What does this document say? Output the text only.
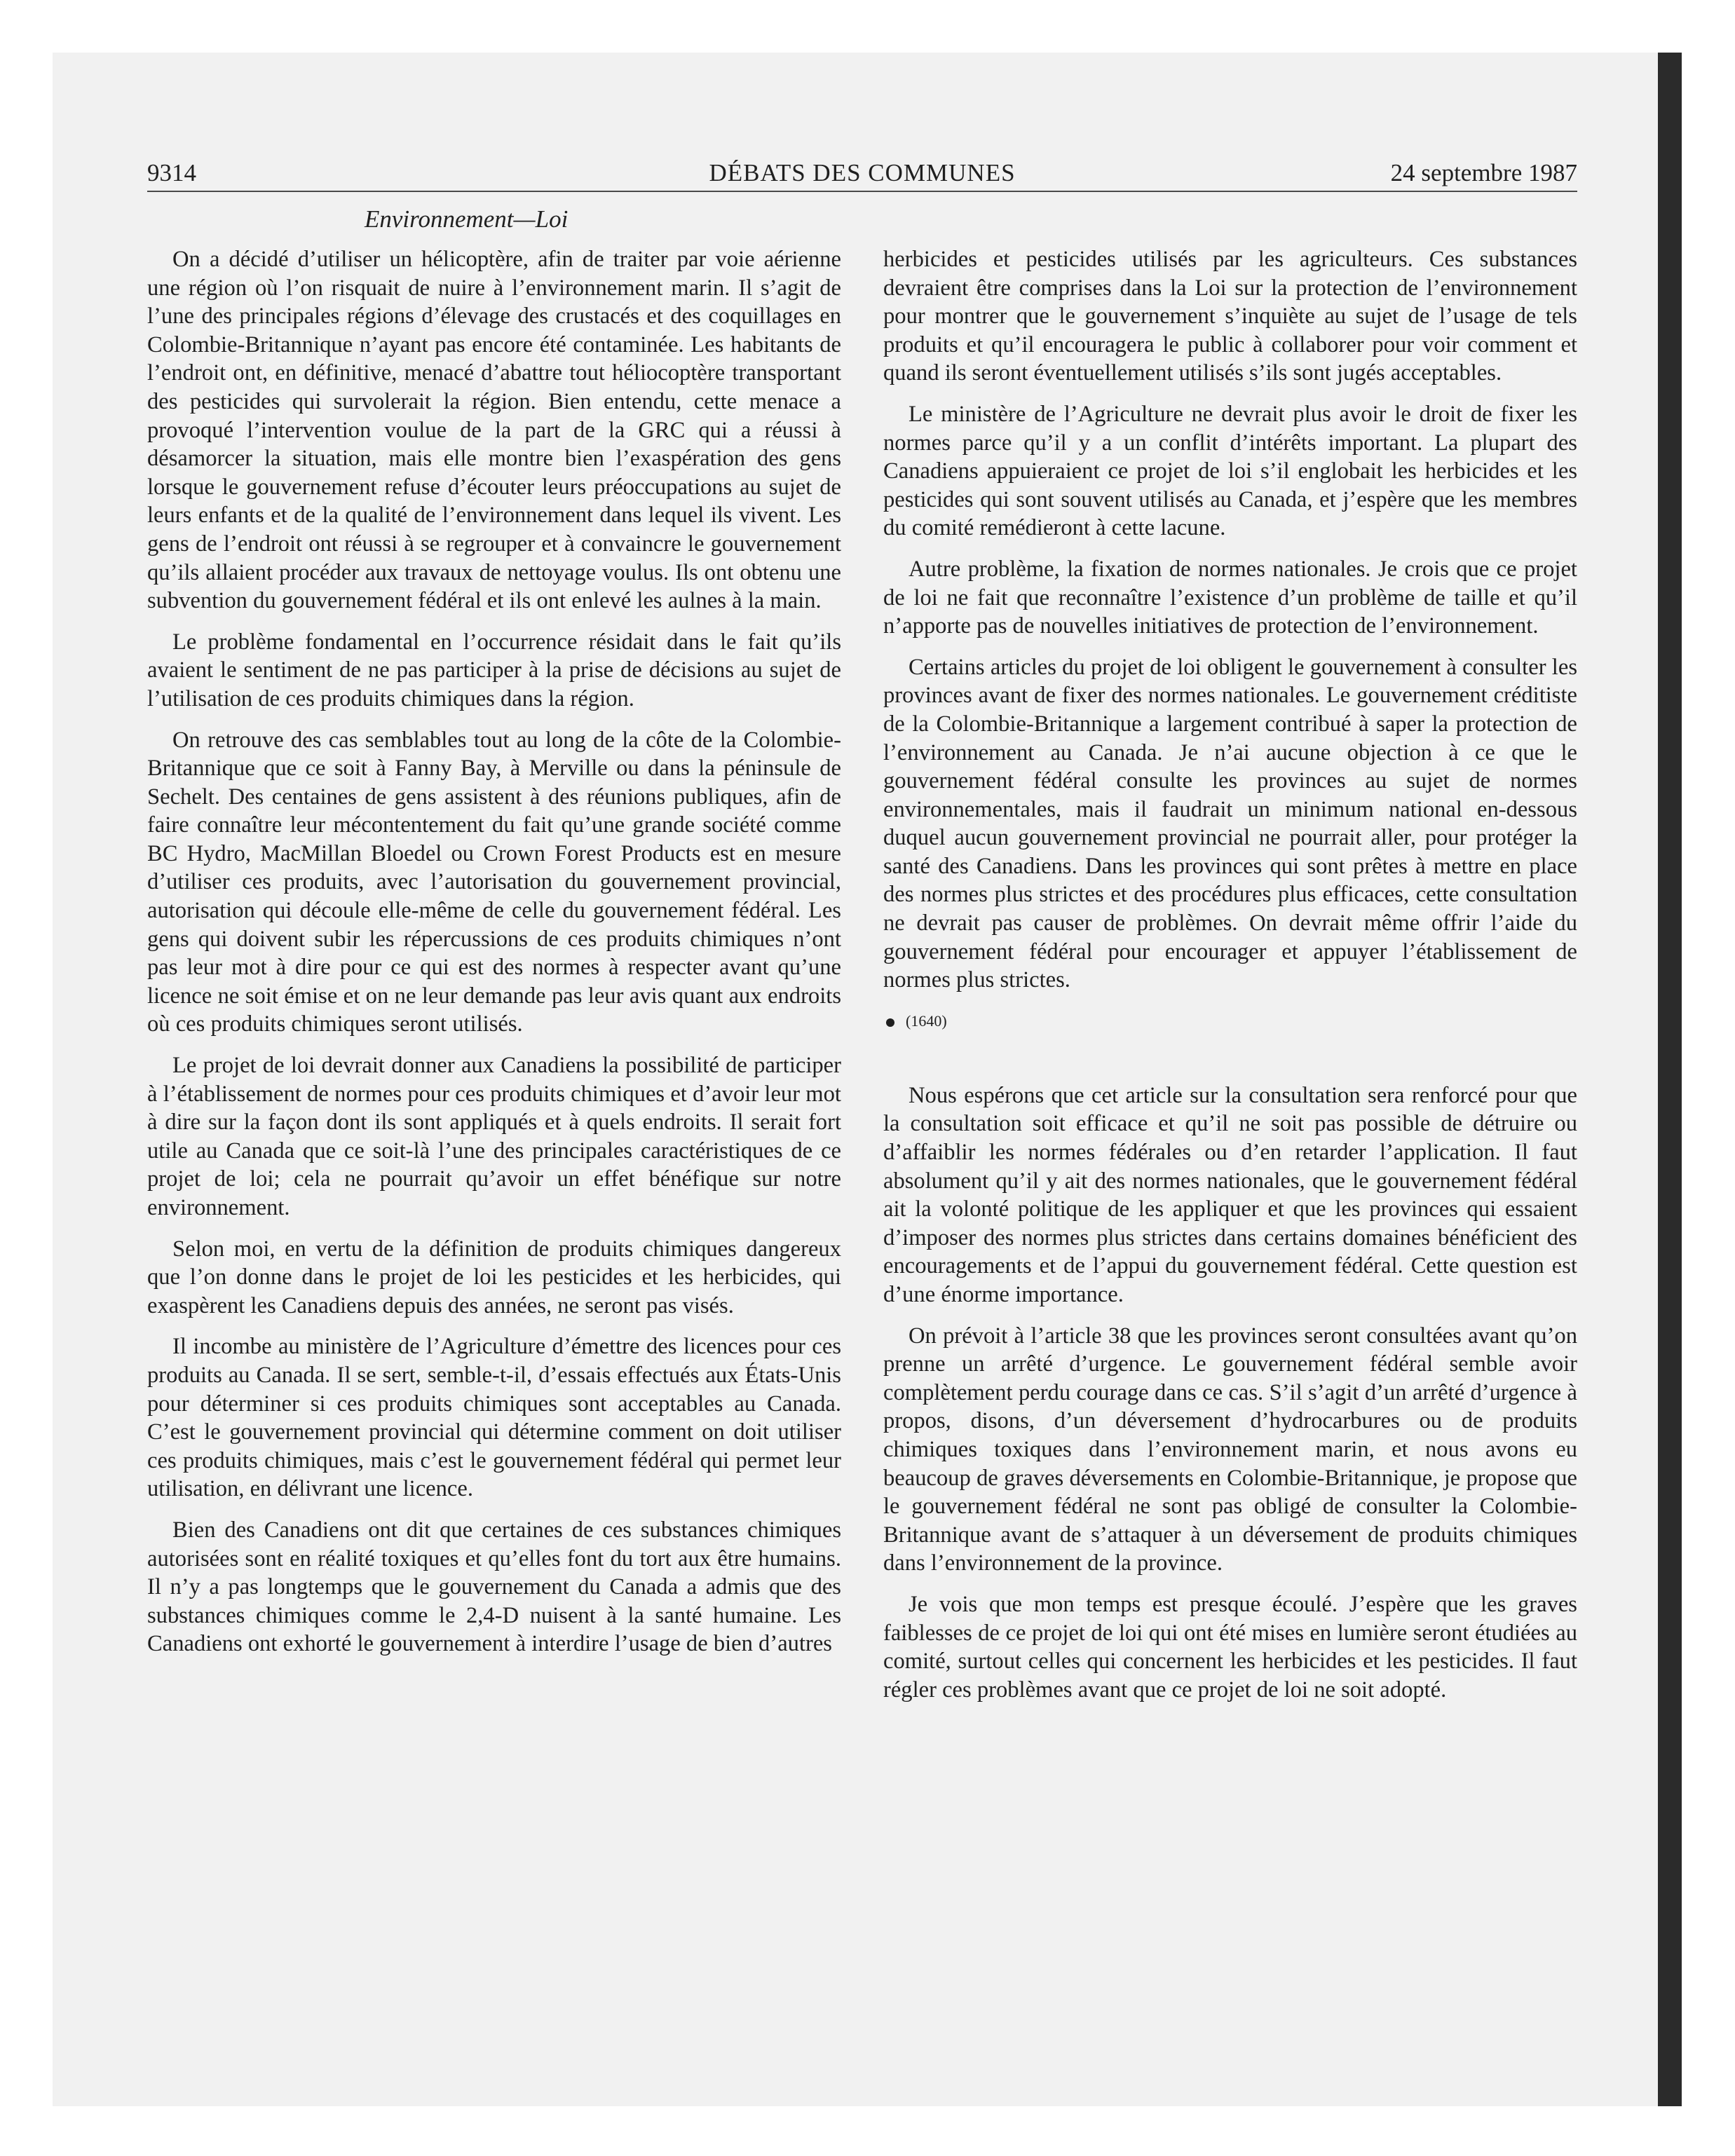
9314	DÉBATS DES COMMUNES	24 septembre 1987
Environnement—Loi

On a décidé d’utiliser un hélicoptère, afin de traiter par voie aérienne une région où l’on risquait de nuire à l’environnement marin. Il s’agit de l’une des principales régions d’élevage des crustacés et des coquillages en Colombie-Britannique n’ayant pas encore été contaminée. Les habitants de l’endroit ont, en définitive, menacé d’abattre tout héliocoptère transportant des pesticides qui survolerait la région. Bien entendu, cette menace a provoqué l’intervention voulue de la part de la GRC qui a réussi à désamorcer la situation, mais elle montre bien l’exaspération des gens lorsque le gouvernement refuse d’écouter leurs préoccupations au sujet de leurs enfants et de la qualité de l’environnement dans lequel ils vivent. Les gens de l’endroit ont réussi à se regrouper et à convaincre le gouvernement qu’ils allaient procéder aux travaux de nettoyage voulus. Ils ont obtenu une subvention du gouvernement fédéral et ils ont enlevé les aulnes à la main.

Le problème fondamental en l’occurrence résidait dans le fait qu’ils avaient le sentiment de ne pas participer à la prise de décisions au sujet de l’utilisation de ces produits chimiques dans la région.

On retrouve des cas semblables tout au long de la côte de la Colombie-Britannique que ce soit à Fanny Bay, à Merville ou dans la péninsule de Sechelt. Des centaines de gens assistent à des réunions publiques, afin de faire connaître leur mécontentement du fait qu’une grande société comme BC Hydro, MacMillan Bloedel ou Crown Forest Products est en mesure d’utiliser ces produits, avec l’autorisation du gouvernement provincial, autorisation qui découle elle-même de celle du gouvernement fédéral. Les gens qui doivent subir les répercussions de ces produits chimiques n’ont pas leur mot à dire pour ce qui est des normes à respecter avant qu’une licence ne soit émise et on ne leur demande pas leur avis quant aux endroits où ces produits chimiques seront utilisés.

Le projet de loi devrait donner aux Canadiens la possibilité de participer à l’établissement de normes pour ces produits chimiques et d’avoir leur mot à dire sur la façon dont ils sont appliqués et à quels endroits. Il serait fort utile au Canada que ce soit-là l’une des principales caractéristiques de ce projet de loi; cela ne pourrait qu’avoir un effet bénéfique sur notre environnement.

Selon moi, en vertu de la définition de produits chimiques dangereux que l’on donne dans le projet de loi les pesticides et les herbicides, qui exaspèrent les Canadiens depuis des années, ne seront pas visés.

Il incombe au ministère de l’Agriculture d’émettre des licences pour ces produits au Canada. Il se sert, semble-t-il, d’essais effectués aux États-Unis pour déterminer si ces produits chimiques sont acceptables au Canada. C’est le gouvernement provincial qui détermine comment on doit utiliser ces produits chimiques, mais c’est le gouvernement fédéral qui permet leur utilisation, en délivrant une licence.

Bien des Canadiens ont dit que certaines de ces substances chimiques autorisées sont en réalité toxiques et qu’elles font du tort aux être humains. Il n’y a pas longtemps que le gouvernement du Canada a admis que des substances chimiques comme le 2,4-D nuisent à la santé humaine. Les Canadiens ont exhorté le gouvernement à interdire l’usage de bien d’autres

herbicides et pesticides utilisés par les agriculteurs. Ces substances devraient être comprises dans la Loi sur la protection de l’environnement pour montrer que le gouvernement s’inquiète au sujet de l’usage de tels produits et qu’il encouragera le public à collaborer pour voir comment et quand ils seront éventuellement utilisés s’ils sont jugés acceptables.

Le ministère de l’Agriculture ne devrait plus avoir le droit de fixer les normes parce qu’il y a un conflit d’intérêts important. La plupart des Canadiens appuieraient ce projet de loi s’il englobait les herbicides et les pesticides qui sont souvent utilisés au Canada, et j’espère que les membres du comité remédieront à cette lacune.

Autre problème, la fixation de normes nationales. Je crois que ce projet de loi ne fait que reconnaître l’existence d’un problème de taille et qu’il n’apporte pas de nouvelles initiatives de protection de l’environnement.

Certains articles du projet de loi obligent le gouvernement à consulter les provinces avant de fixer des normes nationales. Le gouvernement créditiste de la Colombie-Britannique a largement contribué à saper la protection de l’environnement au Canada. Je n’ai aucune objection à ce que le gouvernement fédéral consulte les provinces au sujet de normes environnementales, mais il faudrait un minimum national en-dessous duquel aucun gouvernement provincial ne pourrait aller, pour protéger la santé des Canadiens. Dans les provinces qui sont prêtes à mettre en place des normes plus strictes et des procédures plus efficaces, cette consultation ne devrait pas causer de problèmes. On devrait même offrir l’aide du gouvernement fédéral pour encourager et appuyer l’établissement de normes plus strictes.

(1640)

Nous espérons que cet article sur la consultation sera renforcé pour que la consultation soit efficace et qu’il ne soit pas possible de détruire ou d’affaiblir les normes fédérales ou d’en retarder l’application. Il faut absolument qu’il y ait des normes nationales, que le gouvernement fédéral ait la volonté politique de les appliquer et que les provinces qui essaient d’imposer des normes plus strictes dans certains domaines bénéficient des encouragements et de l’appui du gouvernement fédéral. Cette question est d’une énorme importance.

On prévoit à l’article 38 que les provinces seront consultées avant qu’on prenne un arrêté d’urgence. Le gouvernement fédéral semble avoir complètement perdu courage dans ce cas. S’il s’agit d’un arrêté d’urgence à propos, disons, d’un déversement d’hydrocarbures ou de produits chimiques toxiques dans l’environnement marin, et nous avons eu beaucoup de graves déversements en Colombie-Britannique, je propose que le gouvernement fédéral ne sont pas obligé de consulter la Colombie-Britannique avant de s’attaquer à un déversement de produits chimiques dans l’environnement de la province.

Je vois que mon temps est presque écoulé. J’espère que les graves faiblesses de ce projet de loi qui ont été mises en lumière seront étudiées au comité, surtout celles qui concernent les herbicides et les pesticides. Il faut régler ces problèmes avant que ce projet de loi ne soit adopté.
